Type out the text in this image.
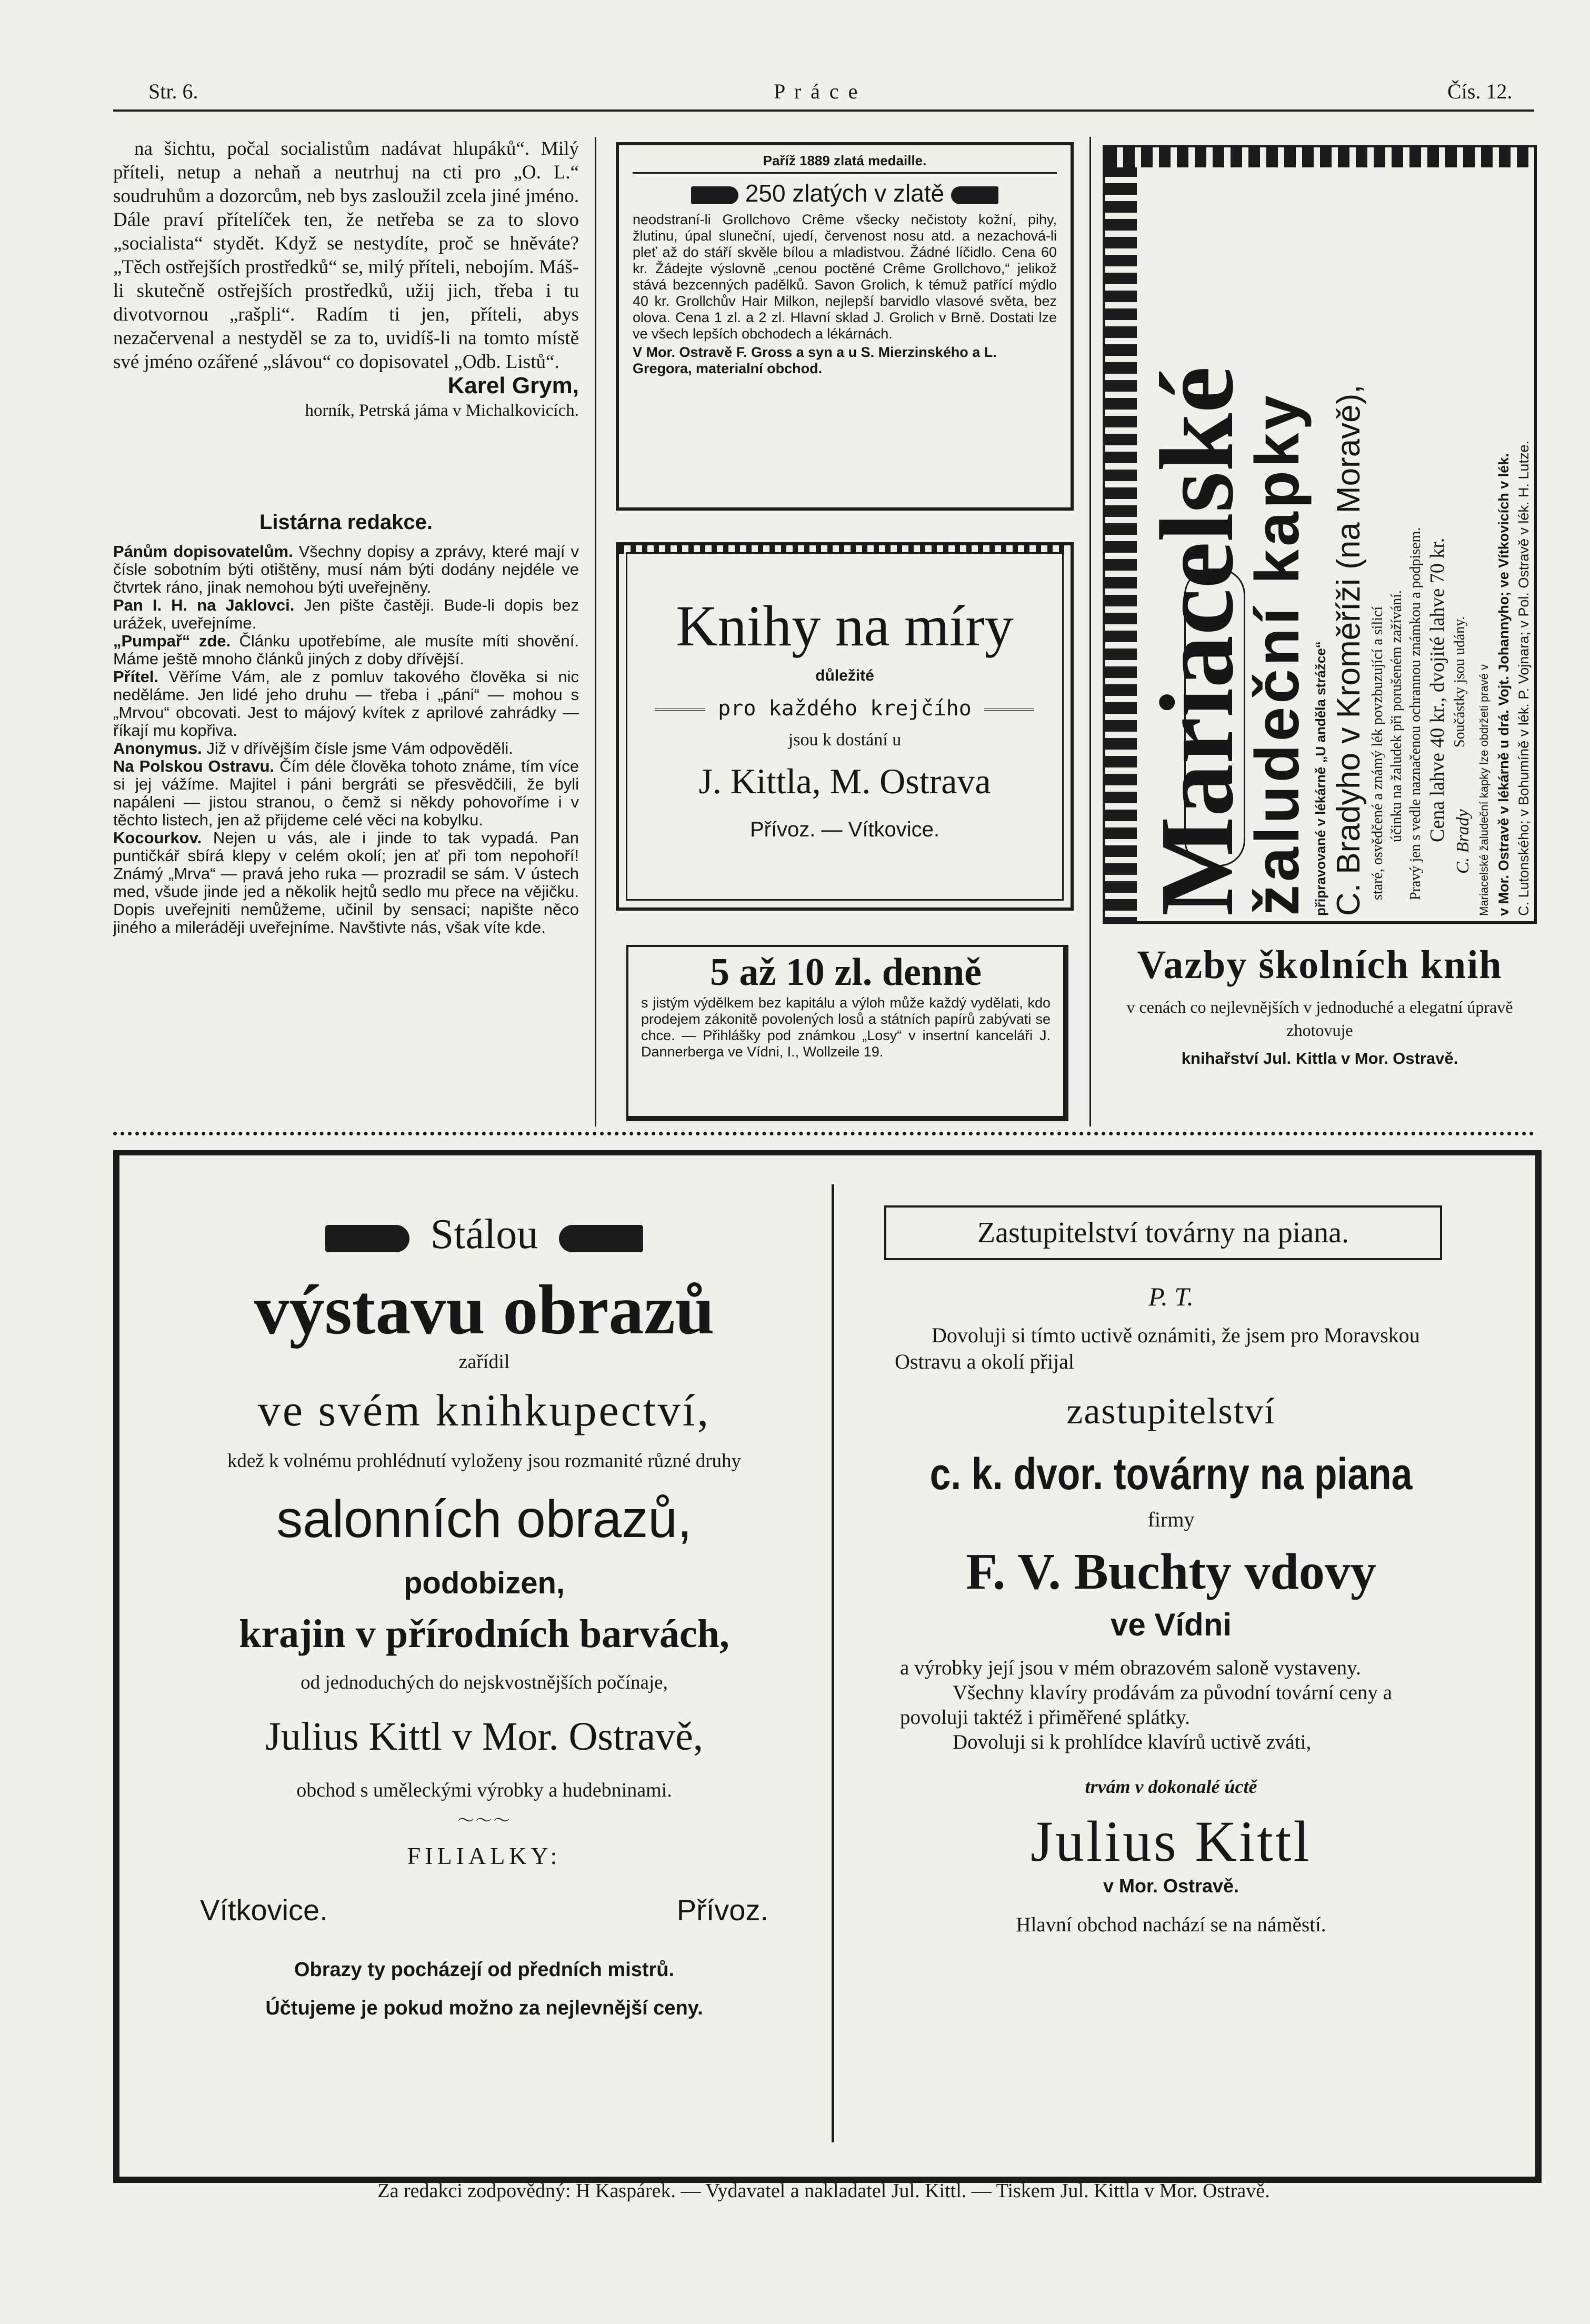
Str. 6.	P r á c e	Čís. 12.

na šichtu, počal socialistům nadávat hlupáků“. Milý příteli, netup a nehaň a neutrhuj na cti pro „O. L.“ soudruhům a dozorcům, neb bys zasloužil zcela jiné jméno. Dále praví přítelíček ten, že netřeba se za to slovo „socialista“ stydět. Když se nestydíte, proč se hněváte? „Těch ostřejších prostředků“ se, milý příteli, nebojím. Máš-li skutečně ostřejších prostředků, užij jich, třeba i tu divotvornou „rašpli“. Radím ti jen, příteli, abys nezačervenal a nestyděl se za to, uvidíš-li na tomto místě své jméno ozářené „slávou“ co dopisovatel „Odb. Listů“.

Karel Grym,
horník, Petrská jáma v Michalkovicích.
Listárna redakce.

Pánům dopisovatelům. Všechny dopisy a zprávy, které mají v čísle sobotním býti otištěny, musí nám býti dodány nejdéle ve čtvrtek ráno, jinak nemohou býti uveřejněny.

Pan I. H. na Jaklovci. Jen pište častěji. Bude-li dopis bez urážek, uveřejníme.

„Pumpař“ zde. Článku upotřebíme, ale musíte míti shovění. Máme ještě mnoho článků jiných z doby dřívější.

Přítel. Věříme Vám, ale z pomluv takového člověka si nic neděláme. Jen lidé jeho druhu — třeba i „páni“ — mohou s „Mrvou“ obcovati. Jest to májový kvítek z aprilové zahrádky — říkají mu kopřiva.

Anonymus. Již v dřívějším čísle jsme Vám odpověděli.

Na Polskou Ostravu. Čím déle člověka tohoto známe, tím více si jej vážíme. Majitel i páni bergráti se přesvědčili, že byli napáleni — jistou stranou, o čemž si někdy pohovoříme i v těchto listech, jen až přijdeme celé věci na kobylku.

Kocourkov. Nejen u vás, ale i jinde to tak vypadá. Pan puntičkář sbírá klepy v celém okolí; jen ať při tom nepohoří! Známý „Mrva“ — pravá jeho ruka — prozradil se sám. V ústech med, všude jinde jed a několik hejtů sedlo mu přece na vějičku. Dopis uveřejniti nemůžeme, učinil by sensaci; napište něco jiného a mileráději uveřejníme. Navštivte nás, však víte kde.

Paříž 1889 zlatá medaille.
250 zlatých v zlatě
neodstraní-li Grollchovo Crême všecky nečistoty kožní, pihy, žlutinu, úpal sluneční, ujedí, červenost nosu atd. a nezachová-li pleť až do stáří skvěle bílou a mladistvou. Žádné líčidlo. Cena 60 kr. Žádejte výslovně „cenou poctěné Crême Grollchovo,“ jelikož stává bezcenných padělků. Savon Grolich, k témuž patřící mýdlo 40 kr. Grollchův Hair Milkon, nejlepší barvidlo vlasové světa, bez olova. Cena 1 zl. a 2 zl. Hlavní sklad J. Grolich v Brně. Dostati lze ve všech lepších obchodech a lékárnách.
V Mor. Ostravě F. Gross a syn a u S. Mierzinského a L. Gregora, materialní obchod.
Knihy na míry
důležité
pro každého krejčího
jsou k dostání u
J. Kittla, M. Ostrava
Přívoz. — Vítkovice.
5 až 10 zl. denně
s jistým výdělkem bez kapitálu a výloh může každý vydělati, kdo prodejem zákonitě povolených losů a státních papírů zabývati se chce. — Přihlášky pod známkou „Losy“ v insertní kanceláři J. Dannerberga ve Vídni, I., Wollzeile 19.
Mariacelské
žaludeční kapky připravované v lékárně „U anděla strážce“ C. Bradyho v Kroměříži (na Moravě), staré, osvědčené a známý lék povzbuzující a silicí účinku na žaludek při porušeném zažívání. Pravý jen s vedle naznačenou ochrannou známkou a podpisem. Cena lahve 40 kr., dvojité lahve 70 kr. Součástky jsou udány.
C. Brady Mariacelské žaludeční kapky lze obdržeti pravé v v Mor. Ostravě v lékárně u drá. Vojt. Johannyho; ve Vítkovicích v lék. C. Lutonského; v Bohumíně v lék. P. Vojnara; v Pol. Ostravě v lék. H. Lutze.
Vazby školních knih
v cenách co nejlevnějších v jednoduché a elegatní úpravě zhotovuje
knihařství Jul. Kittla v Mor. Ostravě.
Stálou
výstavu obrazů
zařídil
ve svém knihkupectví,
kdež k volnému prohlédnutí vyloženy jsou rozmanité různé druhy
salonních obrazů,
podobizen,
krajin v přírodních barvách,
od jednoduchých do nejskvostnějších počínaje,
Julius Kittl v Mor. Ostravě,
obchod s uměleckými výrobky a hudebninami.
～～～
FILIALKY:
Vítkovice.	Přívoz.
Obrazy ty pocházejí od předních mistrů.
Účtujeme je pokud možno za nejlevnější ceny.
Zastupitelství továrny na piana.
P. T.
Dovoluji si tímto uctivě oznámiti, že jsem pro Moravskou Ostravu a okolí přijal
zastupitelství
c. k. dvor. továrny na piana
firmy
F. V. Buchty vdovy
ve Vídni
a výrobky její jsou v mém obrazovém saloně vystaveny.
Všechny klavíry prodávám za původní tovární ceny a povoluji taktéž i přiměřené splátky.
Dovoluji si k prohlídce klavírů uctivě zváti,
trvám v dokonalé úctě
Julius Kittl
v Mor. Ostravě.
Hlavní obchod nachází se na náměstí.
Za redakci zodpovědný: H Kaspárek. — Vydavatel a nakladatel Jul. Kittl. — Tiskem Jul. Kittla v Mor. Ostravě.
